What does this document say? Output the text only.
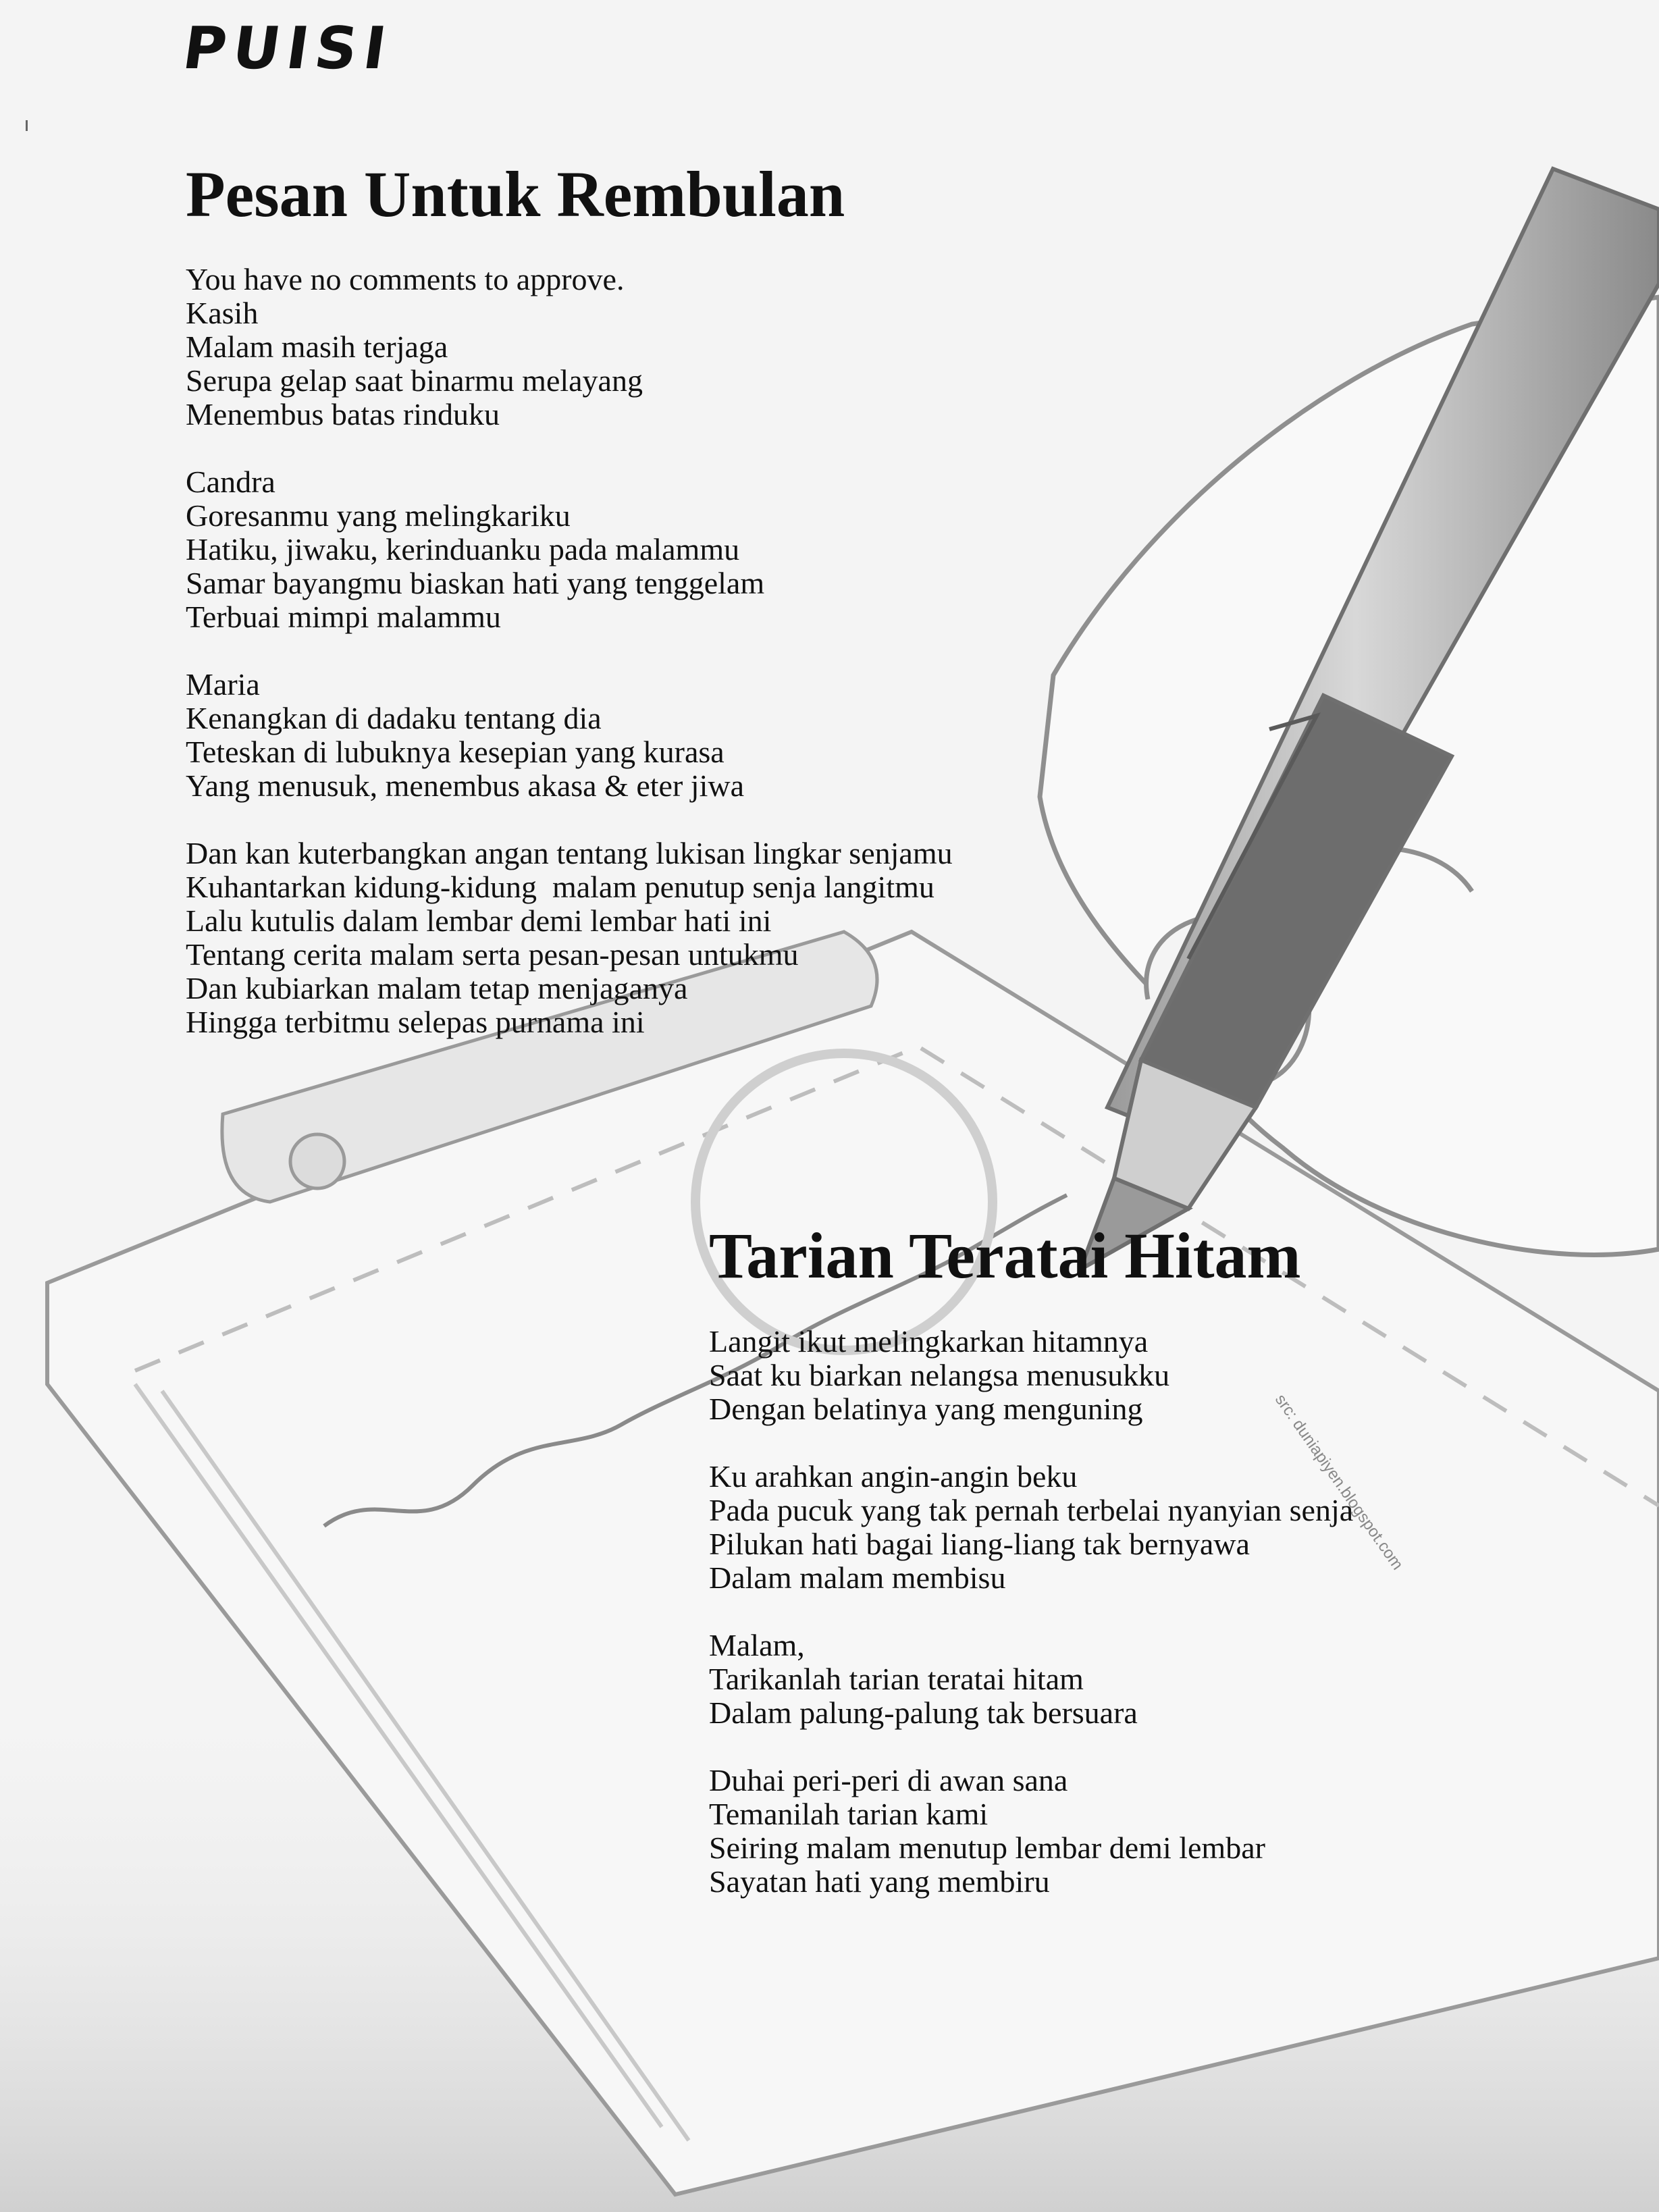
PUISI
Pesan Untuk Rembulan

You have no comments to approve.
Kasih
Malam masih terjaga
Serupa gelap saat binarmu melayang
Menembus batas rinduku

Candra
Goresanmu yang melingkariku
Hatiku, jiwaku, kerinduanku pada malammu
Samar bayangmu biaskan hati yang tenggelam
Terbuai mimpi malammu

Maria
Kenangkan di dadaku tentang dia
Teteskan di lubuknya kesepian yang kurasa
Yang menusuk, menembus akasa & eter jiwa

Dan kan kuterbangkan angan tentang lukisan lingkar senjamu
Kuhantarkan kidung-kidung  malam penutup senja langitmu
Lalu kutulis dalam lembar demi lembar hati ini
Tentang cerita malam serta pesan-pesan untukmu
Dan kubiarkan malam tetap menjaganya
Hingga terbitmu selepas purnama ini

Tarian Teratai Hitam

Langit ikut melingkarkan hitamnya
Saat ku biarkan nelangsa menusukku
Dengan belatinya yang menguning

Ku arahkan angin-angin beku
Pada pucuk yang tak pernah terbelai nyanyian senja
Pilukan hati bagai liang-liang tak bernyawa
Dalam malam membisu

Malam,
Tarikanlah tarian teratai hitam
Dalam palung-palung tak bersuara

Duhai peri-peri di awan sana
Temanilah tarian kami
Seiring malam menutup lembar demi lembar
Sayatan hati yang membiru

src: duniapiyen.blogspot.com
